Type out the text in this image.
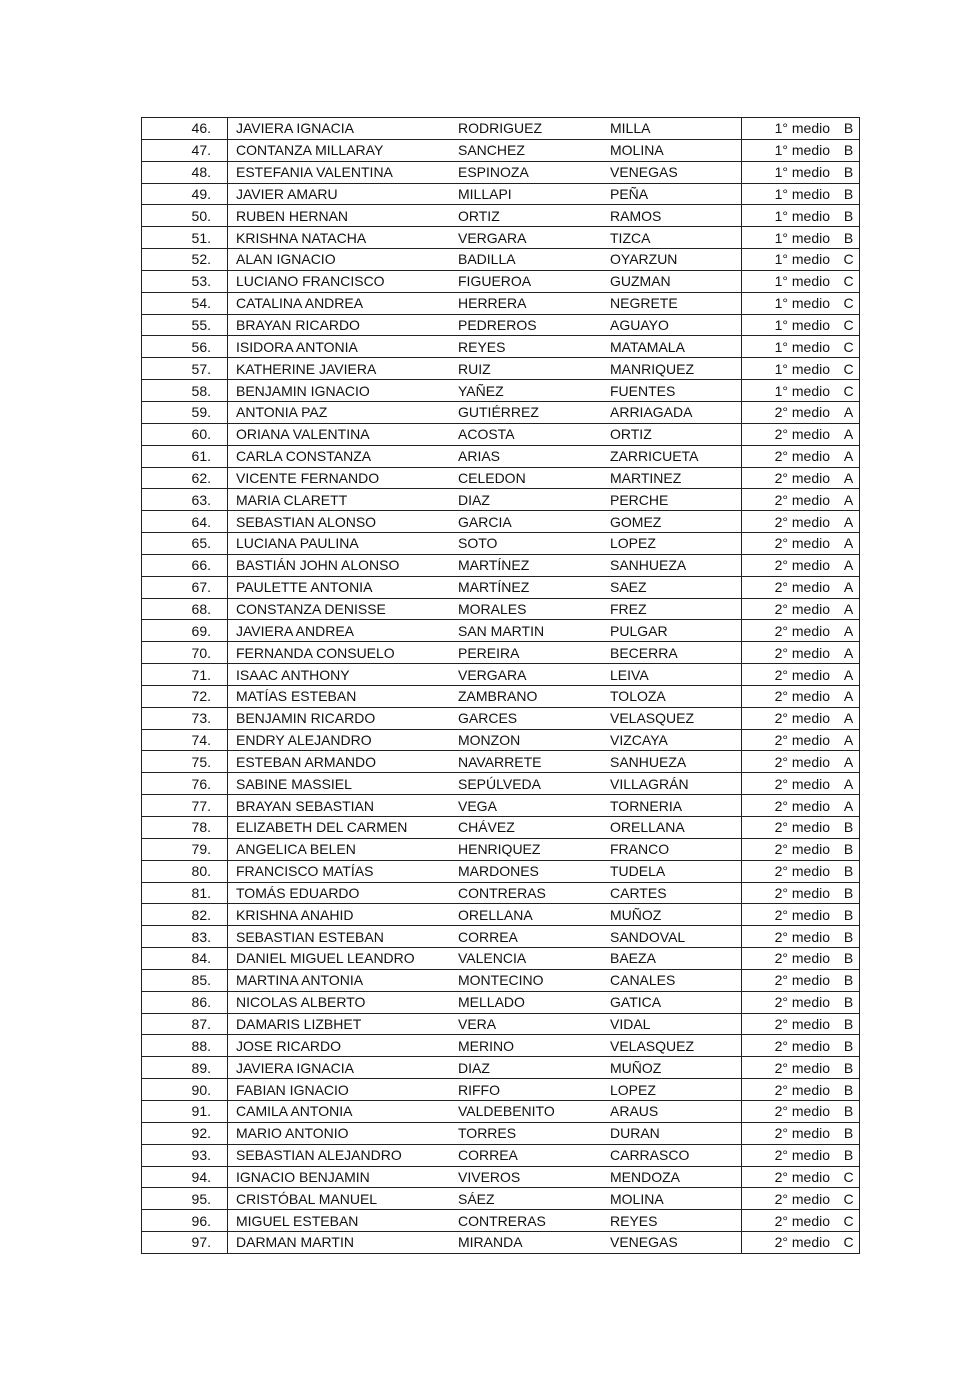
46.	JAVIERA IGNACIA	RODRIGUEZ	MILLA	1° medio	B
47.	CONTANZA MILLARAY	SANCHEZ	MOLINA	1° medio	B
48.	ESTEFANIA VALENTINA	ESPINOZA	VENEGAS	1° medio	B
49.	JAVIER AMARU	MILLAPI	PEÑA	1° medio	B
50.	RUBEN HERNAN	ORTIZ	RAMOS	1° medio	B
51.	KRISHNA NATACHA	VERGARA	TIZCA	1° medio	B
52.	ALAN IGNACIO	BADILLA	OYARZUN	1° medio	C
53.	LUCIANO FRANCISCO	FIGUEROA	GUZMAN	1° medio	C
54.	CATALINA ANDREA	HERRERA	NEGRETE	1° medio	C
55.	BRAYAN RICARDO	PEDREROS	AGUAYO	1° medio	C
56.	ISIDORA ANTONIA	REYES	MATAMALA	1° medio	C
57.	KATHERINE JAVIERA	RUIZ	MANRIQUEZ	1° medio	C
58.	BENJAMIN IGNACIO	YAÑEZ	FUENTES	1° medio	C
59.	ANTONIA PAZ	GUTIÉRREZ	ARRIAGADA	2° medio	A
60.	ORIANA VALENTINA	ACOSTA	ORTIZ	2° medio	A
61.	CARLA CONSTANZA	ARIAS	ZARRICUETA	2° medio	A
62.	VICENTE FERNANDO	CELEDON	MARTINEZ	2° medio	A
63.	MARIA CLARETT	DIAZ	PERCHE	2° medio	A
64.	SEBASTIAN ALONSO	GARCIA	GOMEZ	2° medio	A
65.	LUCIANA PAULINA	SOTO	LOPEZ	2° medio	A
66.	BASTIÁN JOHN ALONSO	MARTÍNEZ	SANHUEZA	2° medio	A
67.	PAULETTE ANTONIA	MARTÍNEZ	SAEZ	2° medio	A
68.	CONSTANZA DENISSE	MORALES	FREZ	2° medio	A
69.	JAVIERA ANDREA	SAN MARTIN	PULGAR	2° medio	A
70.	FERNANDA CONSUELO	PEREIRA	BECERRA	2° medio	A
71.	ISAAC ANTHONY	VERGARA	LEIVA	2° medio	A
72.	MATÍAS ESTEBAN	ZAMBRANO	TOLOZA	2° medio	A
73.	BENJAMIN RICARDO	GARCES	VELASQUEZ	2° medio	A
74.	ENDRY ALEJANDRO	MONZON	VIZCAYA	2° medio	A
75.	ESTEBAN ARMANDO	NAVARRETE	SANHUEZA	2° medio	A
76.	SABINE MASSIEL	SEPÚLVEDA	VILLAGRÁN	2° medio	A
77.	BRAYAN SEBASTIAN	VEGA	TORNERIA	2° medio	A
78.	ELIZABETH DEL CARMEN	CHÁVEZ	ORELLANA	2° medio	B
79.	ANGELICA BELEN	HENRIQUEZ	FRANCO	2° medio	B
80.	FRANCISCO MATÍAS	MARDONES	TUDELA	2° medio	B
81.	TOMÁS EDUARDO	CONTRERAS	CARTES	2° medio	B
82.	KRISHNA ANAHID	ORELLANA	MUÑOZ	2° medio	B
83.	SEBASTIAN ESTEBAN	CORREA	SANDOVAL	2° medio	B
84.	DANIEL MIGUEL LEANDRO	VALENCIA	BAEZA	2° medio	B
85.	MARTINA ANTONIA	MONTECINO	CANALES	2° medio	B
86.	NICOLAS ALBERTO	MELLADO	GATICA	2° medio	B
87.	DAMARIS LIZBHET	VERA	VIDAL	2° medio	B
88.	JOSE RICARDO	MERINO	VELASQUEZ	2° medio	B
89.	JAVIERA IGNACIA	DIAZ	MUÑOZ	2° medio	B
90.	FABIAN IGNACIO	RIFFO	LOPEZ	2° medio	B
91.	CAMILA ANTONIA	VALDEBENITO	ARAUS	2° medio	B
92.	MARIO ANTONIO	TORRES	DURAN	2° medio	B
93.	SEBASTIAN ALEJANDRO	CORREA	CARRASCO	2° medio	B
94.	IGNACIO BENJAMIN	VIVEROS	MENDOZA	2° medio	C
95.	CRISTÓBAL MANUEL	SÁEZ	MOLINA	2° medio	C
96.	MIGUEL ESTEBAN	CONTRERAS	REYES	2° medio	C
97.	DARMAN MARTIN	MIRANDA	VENEGAS	2° medio	C
